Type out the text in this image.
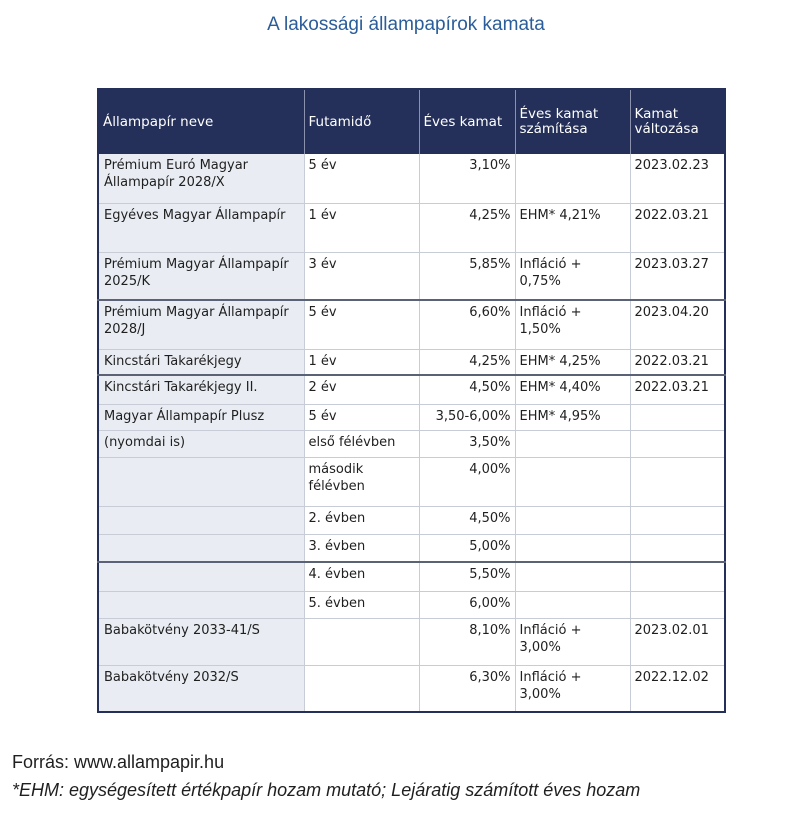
A lakossági állampapírok kamata
Állampapír neve	Futamidő	Éves kamat	Éves kamat számítása	Kamat változása
Prémium Euró Magyar Állampapír 2028/X	5 év	3,10%		2023.02.23
Egyéves Magyar Állampapír	1 év	4,25%	EHM* 4,21%	2022.03.21
Prémium Magyar Állampapír 2025/K	3 év	5,85%	Infláció + 0,75%	2023.03.27
Prémium Magyar Állampapír 2028/J	5 év	6,60%	Infláció + 1,50%	2023.04.20
Kincstári Takarékjegy	1 év	4,25%	EHM* 4,25%	2022.03.21
Kincstári Takarékjegy II.	2 év	4,50%	EHM* 4,40%	2022.03.21
Magyar Állampapír Plusz	5 év	3,50-6,00%	EHM* 4,95%	
(nyomdai is)	első félévben	3,50%		
	második félévben	4,00%		
	2. évben	4,50%		
	3. évben	5,00%		
	4. évben	5,50%		
	5. évben	6,00%		
Babakötvény 2033-41/S		8,10%	Infláció + 3,00%	2023.02.01
Babakötvény 2032/S		6,30%	Infláció + 3,00%	2022.12.02
Forrás: www.allampapir.hu
*EHM: egységesített értékpapír hozam mutató; Lejáratig számított éves hozam
